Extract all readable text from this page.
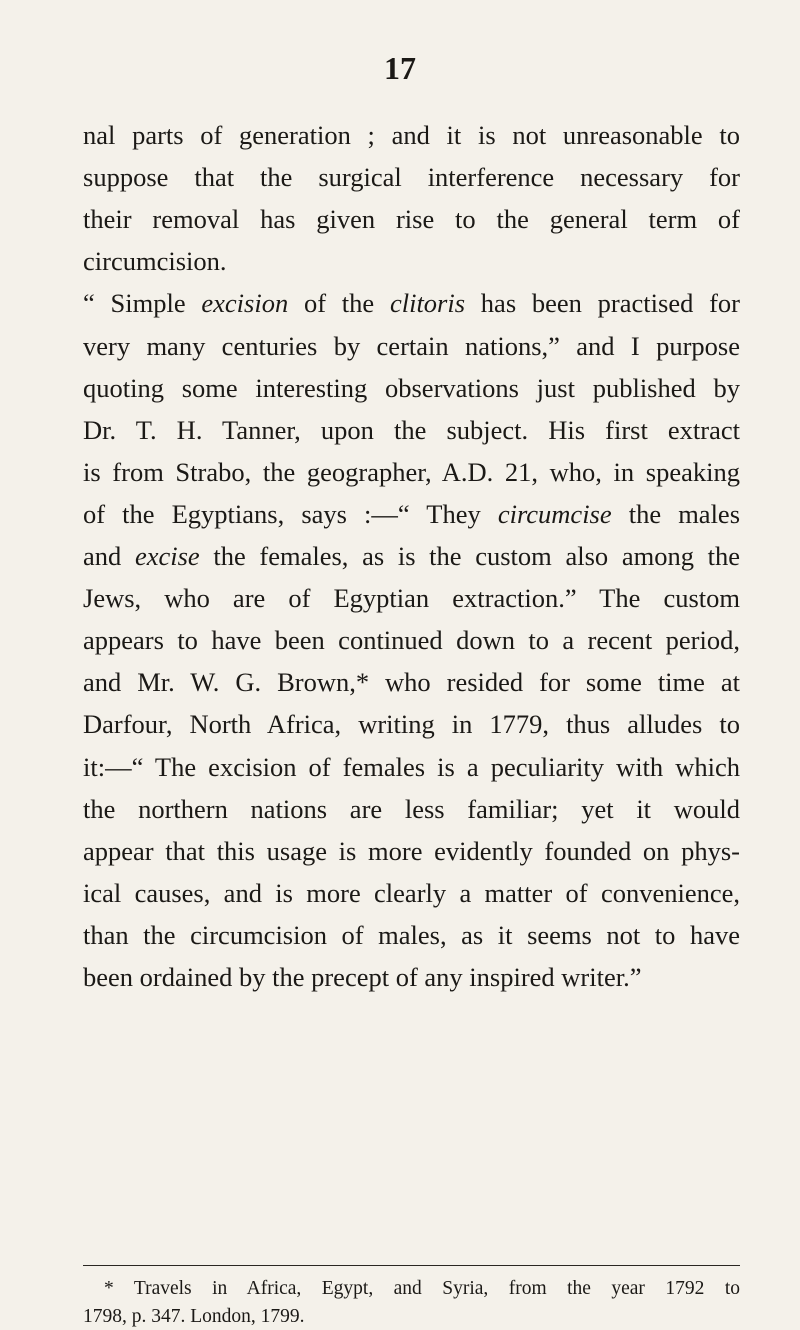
17
nal parts of generation ; and it is not unreasonable to
suppose that the surgical interference necessary for
their removal has given rise to the general term of
circumcision.
“ Simple excision of the clitoris has been practised for
very many centuries by certain nations,” and I purpose
quoting some interesting observations just published by
Dr. T. H. Tanner, upon the subject. His first extract
is from Strabo, the geographer, A.D. 21, who, in speaking
of the Egyptians, says :—“ They circumcise the males
and excise the females, as is the custom also among the
Jews, who are of Egyptian extraction.” The custom
appears to have been continued down to a recent period,
and Mr. W. G. Brown,* who resided for some time at
Darfour, North Africa, writing in 1779, thus alludes to
it:—“ The excision of females is a peculiarity with which
the northern nations are less familiar; yet it would
appear that this usage is more evidently founded on phys-
ical causes, and is more clearly a matter of convenience,
than the circumcision of males, as it seems not to have
been ordained by the precept of any inspired writer.”
* Travels in Africa, Egypt, and Syria, from the year 1792 to
1798, p. 347. London, 1799.
